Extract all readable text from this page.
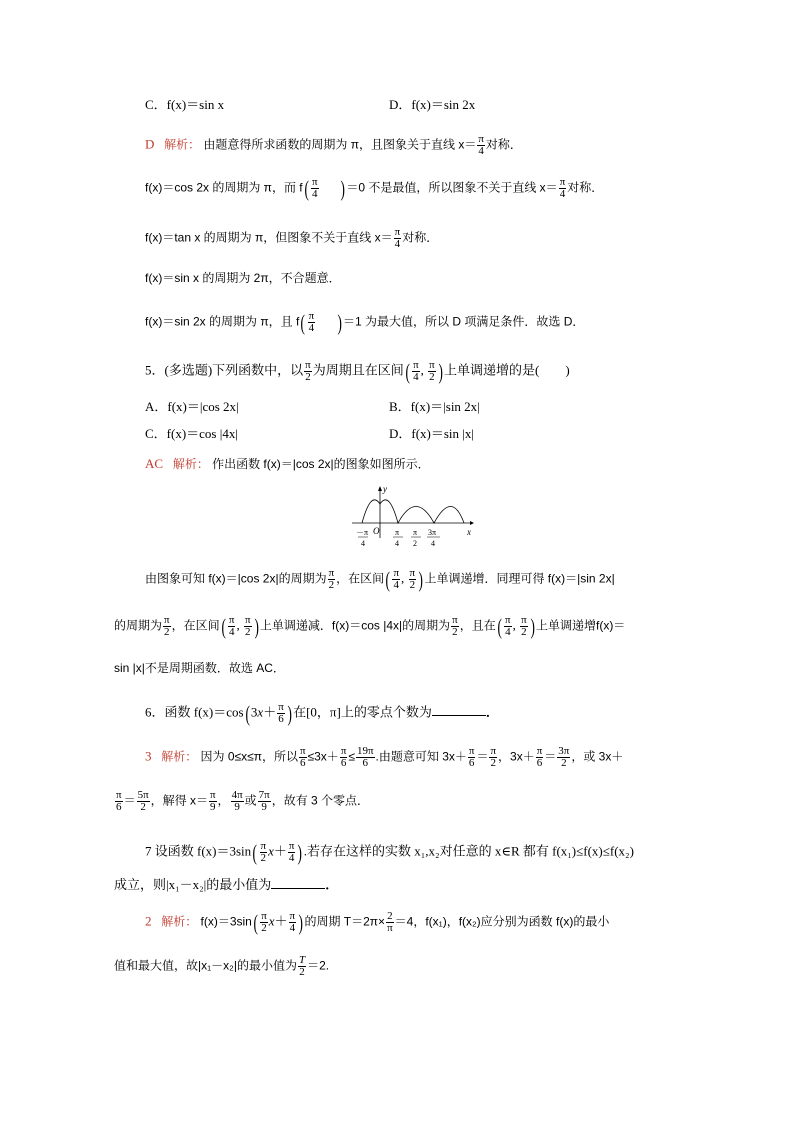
C．f(x)＝sin x	D．f(x)＝sin 2x
D 解析： 由题意得所求函数的周期为 π，且图象关于直线 $x= \frac{\pi}{4}$ 对称．
f(x)＝cos 2x 的周期为 π，而 $f( \frac{\pi}{4} )=0$ 不是最值，所以图象不关于直线 $x= \frac{\pi}{4}$ 对称．
f(x)＝tan x 的周期为 π，但图象不关于直线 $x= \frac{\pi}{4}$ 对称．
f(x)＝sin x 的周期为 2π，不合题意．
f(x)＝sin 2x 的周期为 π，且 $f( \frac{\pi}{4} )=1$ 为最大值，所以 D 项满足条件．故选 D．
5．(多选题)下列函数中，以 $\frac{\pi}{2}$ 为周期且在区间( $\frac{\pi}{4}$ , $\frac{\pi}{2}$ )上单调递增的是(　　)
A．f(x)＝|cos 2x|	B．f(x)＝|sin 2x|
C．f(x)＝cos |4x|	D．f(x)＝sin |x|
AC 解析： 作出函数 f(x)＝|cos 2x|的图象如图所示．
y
x
O
－π
4
π
4
π
2
3π
4
由图象可知 f(x)＝|cos 2x|的周期为 $\frac{\pi}{2}$ ，在区间( $\frac{\pi}{4}$ , $\frac{\pi}{2}$ )上单调递增．同理可得 f(x)＝|sin 2x|
的周期为 $\frac{\pi}{2}$ ，在区间( $\frac{\pi}{4}$ , $\frac{\pi}{2}$ )上单调递减．f(x)＝cos |4x|的周期为 $\frac{\pi}{2}$ ，且在( $\frac{\pi}{4}$ , $\frac{\pi}{2}$ )上单调递增f(x)＝
sin |x|不是周期函数．故选 AC．
6．函数 $f(x)=\cos(3x+ \frac{\pi}{6}$ )在[0，π]上的零点个数为	．
3 解析： 因为 0≤x≤π，所以 $\frac{\pi}{6} \le 3x+ \frac{\pi}{6} \le \frac{19\pi}{6}$ .由题意可知 $3x+ \frac{\pi}{6} = \frac{\pi}{2}$ ，$3x+ \frac{\pi}{6} = \frac{3\pi}{2}$ ，或 3x＋
$\frac{\pi}{6} = \frac{5\pi}{2}$ ，解得 $x= \frac{\pi}{9}$ ， $\frac{4\pi}{9}$ 或 $\frac{7\pi}{9}$ ，故有 3 个零点．
7 设函数 $f(x)=3\sin( \frac{\pi}{2} x+ \frac{\pi}{4}$ ).若存在这样的实数 x₁,x₂对任意的 x∈R 都有 f(x₁)≤f(x)≤f(x₂)
成立，则|x₁－x₂|的最小值为	．
2 解析： $f(x)=3\sin( \frac{\pi}{2} x+ \frac{\pi}{4}$ )的周期 $T=2\pi\times \frac{2}{\pi} =4$，f(x₁)，f(x₂)应分别为函数 f(x)的最小
值和最大值，故|x₁－x₂|的最小值为 $\frac{T}{2} =2$.
